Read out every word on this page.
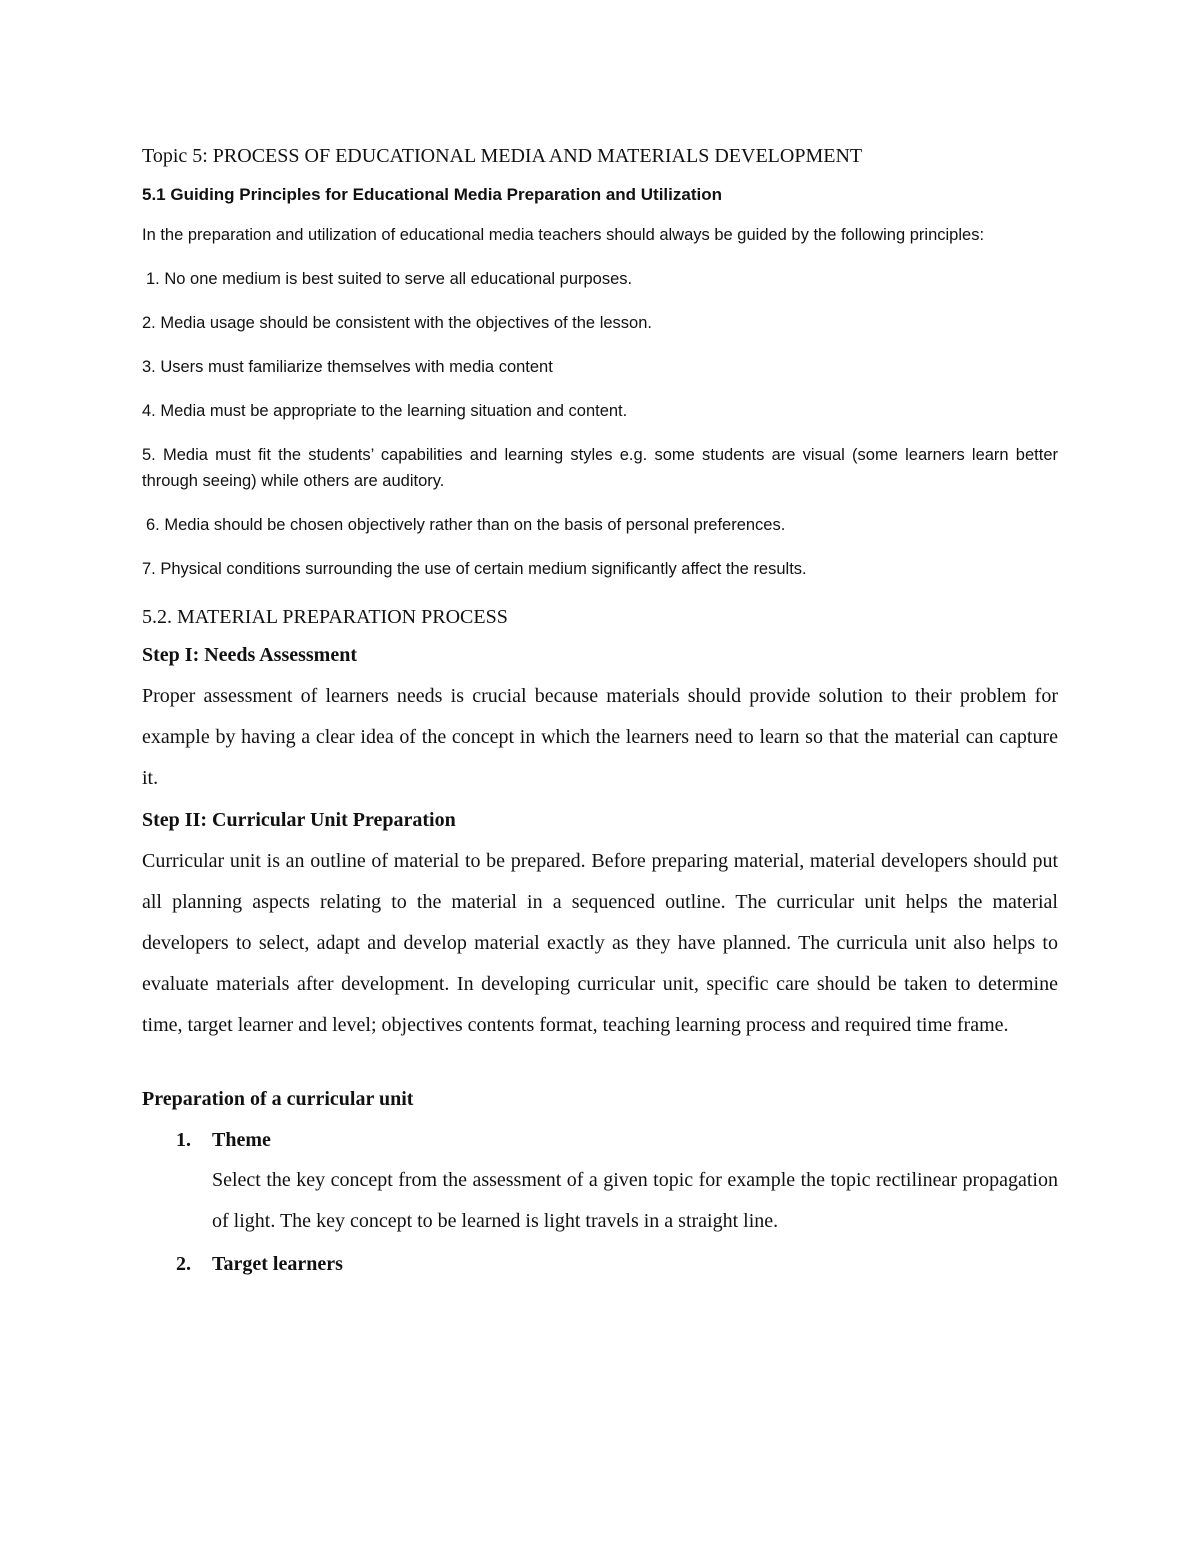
Topic 5: PROCESS OF EDUCATIONAL MEDIA AND MATERIALS DEVELOPMENT
5.1 Guiding Principles for Educational Media Preparation and Utilization

In the preparation and utilization of educational media teachers should always be guided by the following principles:

1. No one medium is best suited to serve all educational purposes.

2. Media usage should be consistent with the objectives of the lesson.

3. Users must familiarize themselves with media content

4. Media must be appropriate to the learning situation and content.

5. Media must fit the students’ capabilities and learning styles e.g. some students are visual (some learners learn better through seeing) while others are auditory.

6. Media should be chosen objectively rather than on the basis of personal preferences.

7. Physical conditions surrounding the use of certain medium significantly affect the results.

5.2. MATERIAL PREPARATION PROCESS
Step I: Needs Assessment

Proper assessment of learners needs is crucial because materials should provide solution to their problem for example by having a clear idea of the concept in which the learners need to learn so that the material can capture it.

Step II: Curricular Unit Preparation

Curricular unit is an outline of material to be prepared. Before preparing material, material developers should put all planning aspects relating to the material in a sequenced outline. The curricular unit helps the material developers to select, adapt and develop material exactly as they have planned. The curricula unit also helps to evaluate materials after development. In developing curricular unit, specific care should be taken to determine time, target learner and level; objectives contents format, teaching learning process and required time frame.

Preparation of a curricular unit
1. Theme

Select the key concept from the assessment of a given topic for example the topic rectilinear propagation of light. The key concept to be learned is light travels in a straight line.

2. Target learners
